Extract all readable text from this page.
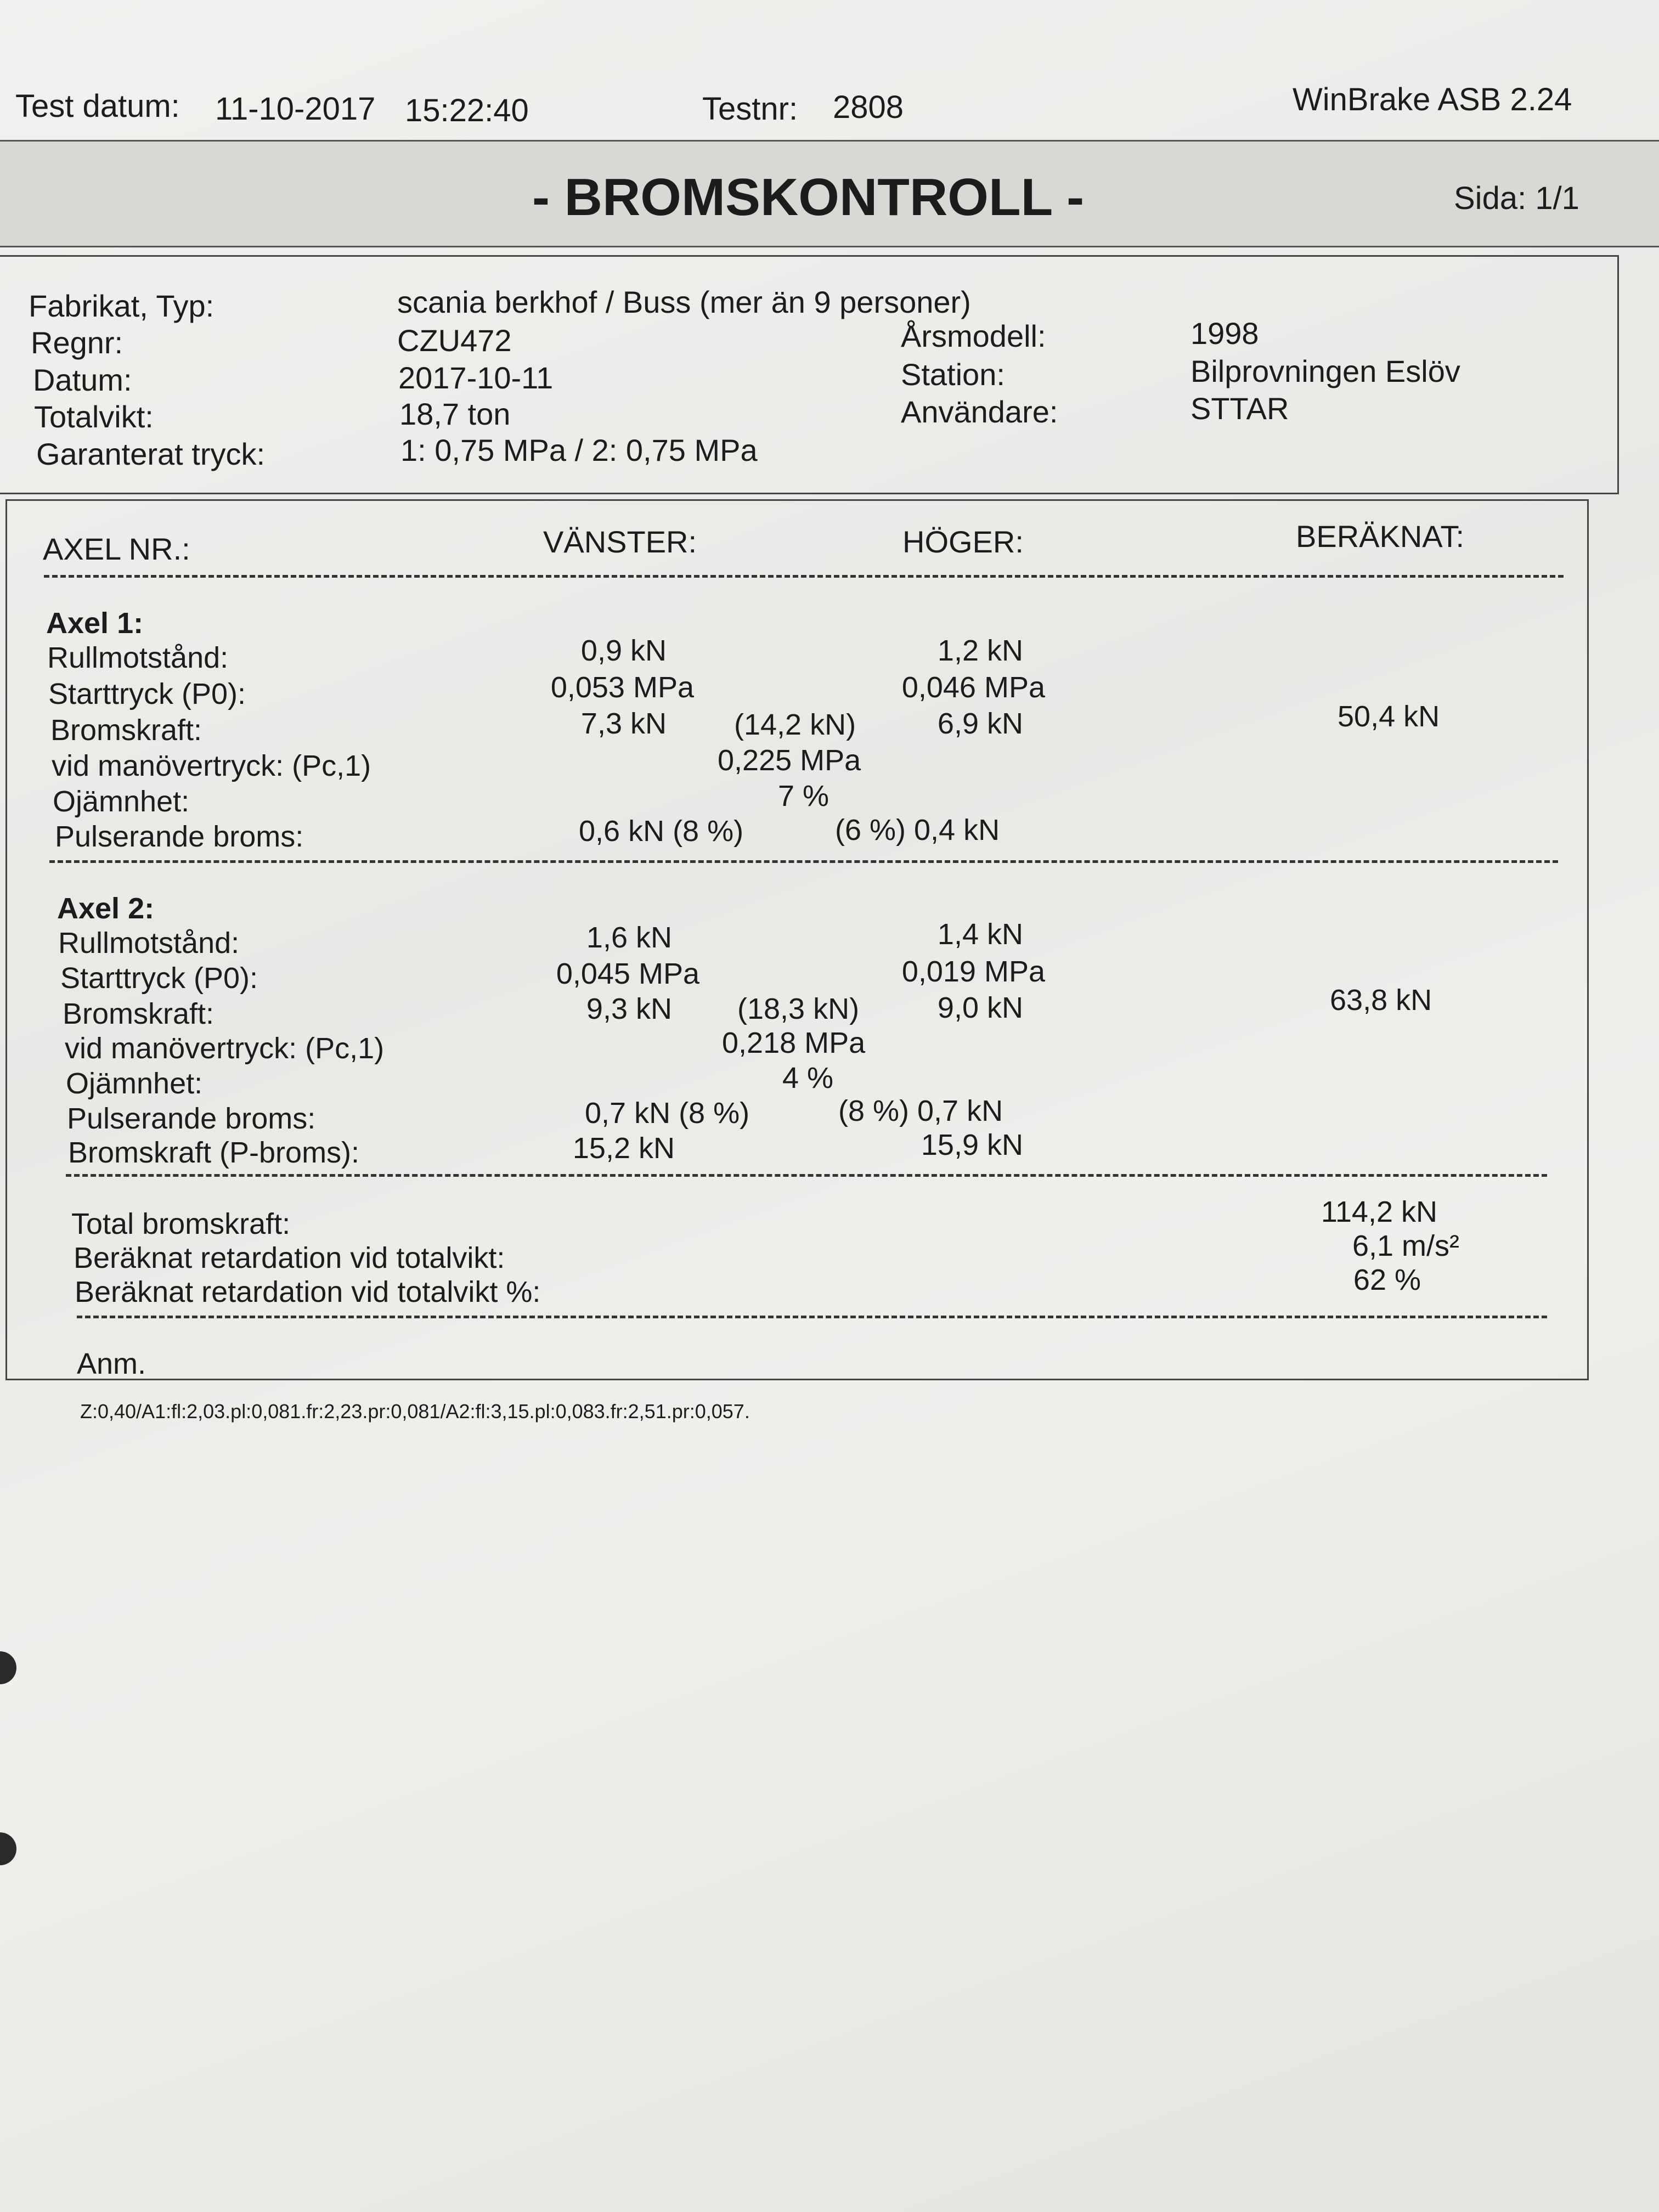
Test datum: 11-10-2017 15:22:40	Testnr: 2808	WinBrake ASB 2.24
- BROMSKONTROLL -	Sida: 1/1
Fabrikat, Typ:	scania berkhof / Buss (mer än 9 personer)
Regnr:	CZU472
Datum:	2017-10-11
Totalvikt:	18,7 ton
Garanterat tryck:	1: 0,75 MPa / 2: 0,75 MPa
Årsmodell:	1998
Station:	Bilprovningen Eslöv
Användare:	STTAR
AXEL NR.:	VÄNSTER:	HÖGER:	BERÄKNAT:
Axel 1:
Rullmotstånd:	0,9 kN	1,2 kN
Starttryck (P0):	0,053 MPa	0,046 MPa
Bromskraft:	7,3 kN (14,2 kN)	6,9 kN	50,4 kN
vid manövertryck: (Pc,1)	0,225 MPa
Ojämnhet:	7 %
Pulserande broms:	0,6 kN (8 %)	(6 %) 0,4 kN
Axel 2:
Rullmotstånd:	1,6 kN	1,4 kN
Starttryck (P0):	0,045 MPa	0,019 MPa
Bromskraft:	9,3 kN (18,3 kN)	9,0 kN	63,8 kN
vid manövertryck: (Pc,1)	0,218 MPa
Ojämnhet:	4 %
Pulserande broms:	0,7 kN (8 %)	(8 %) 0,7 kN
Bromskraft (P-broms):	15,2 kN	15,9 kN
Total bromskraft:	114,2 kN
Beräknat retardation vid totalvikt:	6,1 m/s²
Beräknat retardation vid totalvikt %:	62 %
Anm.
Z:0,40/A1:fl:2,03.pl:0,081.fr:2,23.pr:0,081/A2:fl:3,15.pl:0,083.fr:2,51.pr:0,057.
